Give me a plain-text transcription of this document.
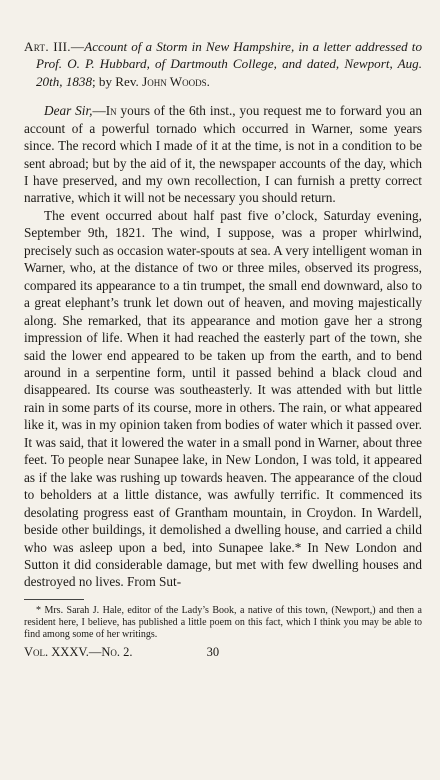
Art. III.—Account of a Storm in New Hampshire, in a letter addressed to Prof. O. P. Hubbard, of Dartmouth College, and dated, Newport, Aug. 20th, 1838; by Rev. John Woods.

Dear Sir,—In yours of the 6th inst., you request me to forward you an account of a powerful tornado which occurred in Warner, some years since. The record which I made of it at the time, is not in a condition to be sent abroad; but by the aid of it, the newspaper accounts of the day, which I have preserved, and my own recollection, I can furnish a pretty correct narrative, which it will not be necessary you should return.

The event occurred about half past five o’clock, Saturday evening, September 9th, 1821. The wind, I suppose, was a proper whirlwind, precisely such as occasion water-spouts at sea. A very intelligent woman in Warner, who, at the distance of two or three miles, observed its progress, compared its appearance to a tin trumpet, the small end downward, also to a great elephant’s trunk let down out of heaven, and moving majestically along. She remarked, that its appearance and motion gave her a strong impression of life. When it had reached the easterly part of the town, she said the lower end appeared to be taken up from the earth, and to bend around in a serpentine form, until it passed behind a black cloud and disappeared. Its course was southeasterly. It was attended with but little rain in some parts of its course, more in others. The rain, or what appeared like it, was in my opinion taken from bodies of water which it passed over. It was said, that it lowered the water in a small pond in Warner, about three feet. To people near Sunapee lake, in New London, I was told, it appeared as if the lake was rushing up towards heaven. The appearance of the cloud to beholders at a little distance, was awfully terrific. It commenced its desolating progress east of Grantham mountain, in Croydon. In Wardell, beside other buildings, it demolished a dwelling house, and carried a child who was asleep upon a bed, into Sunapee lake.* In New London and Sutton it did considerable damage, but met with few dwelling houses and destroyed no lives. From Sut-

* Mrs. Sarah J. Hale, editor of the Lady’s Book, a native of this town, (Newport,) and then a resident here, I believe, has published a little poem on this fact, which I think you may be able to find among some of her writings.

Vol. XXXV.—No. 2.	30
